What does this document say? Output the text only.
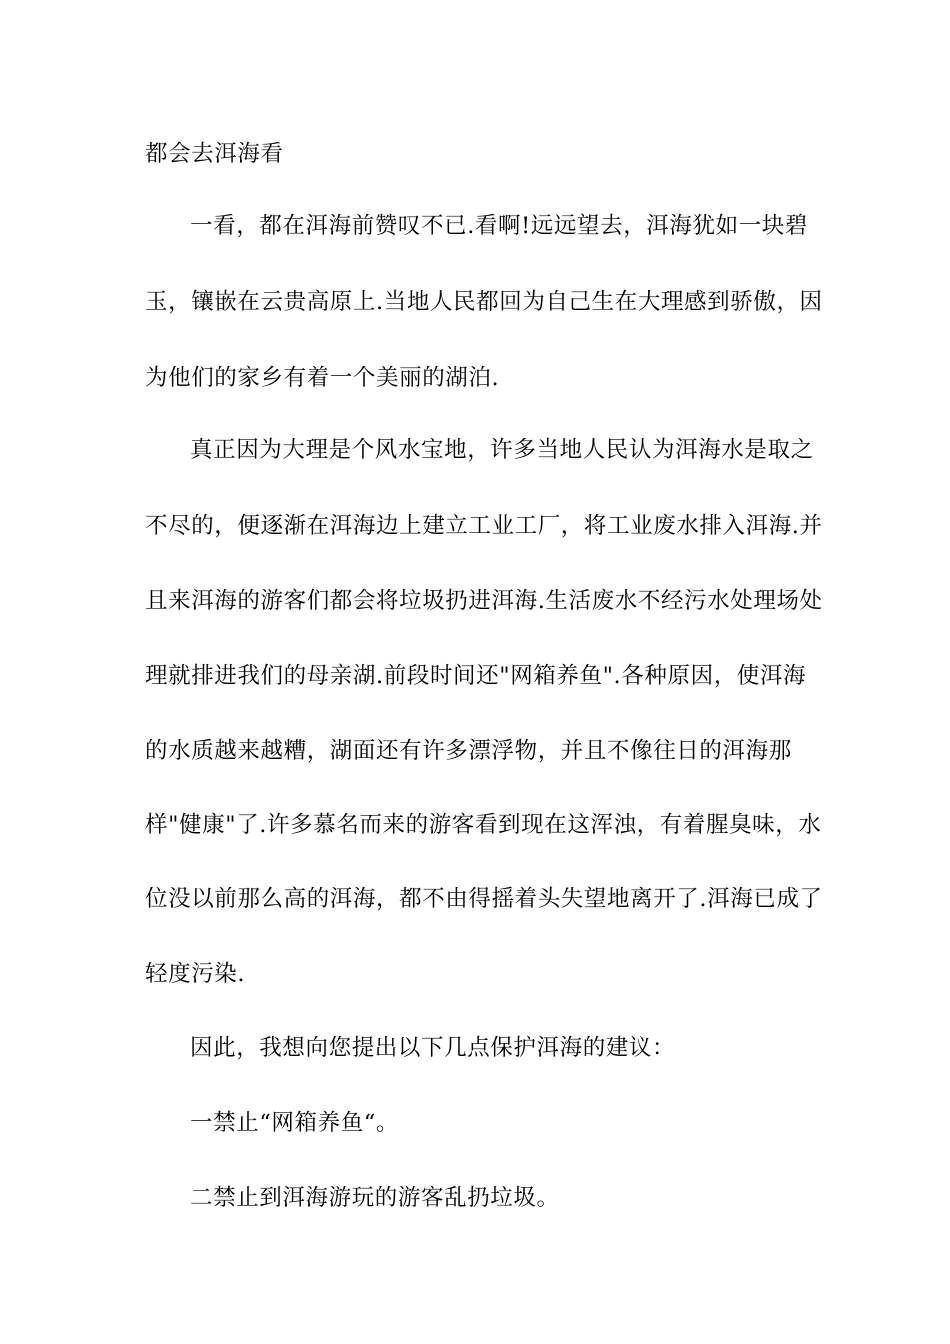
都会去洱海看
一看，都在洱海前赞叹不已.看啊!远远望去，洱海犹如一块碧
玉，镶嵌在云贵高原上.当地人民都回为自己生在大理感到骄傲，因
为他们的家乡有着一个美丽的湖泊.
真正因为大理是个风水宝地，许多当地人民认为洱海水是取之
不尽的，便逐渐在洱海边上建立工业工厂，将工业废水排入洱海.并
且来洱海的游客们都会将垃圾扔进洱海.生活废水不经污水处理场处
理就排进我们的母亲湖.前段时间还"网箱养鱼".各种原因，使洱海
的水质越来越糟，湖面还有许多漂浮物，并且不像往日的洱海那
样"健康"了.许多慕名而来的游客看到现在这浑浊，有着腥臭味，水
位没以前那么高的洱海，都不由得摇着头失望地离开了.洱海已成了
轻度污染.
因此，我想向您提出以下几点保护洱海的建议：
一禁止“网箱养鱼“。
二禁止到洱海游玩的游客乱扔垃圾。
